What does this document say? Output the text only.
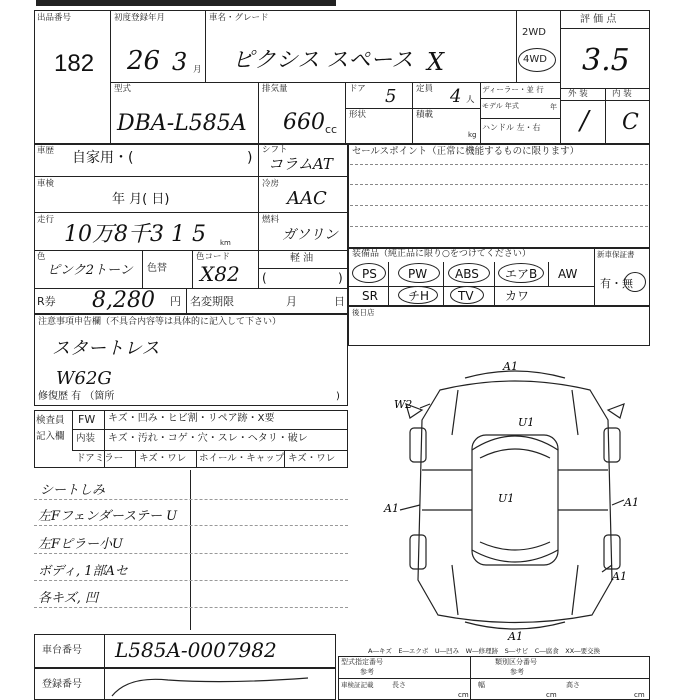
出品番号
182
初度登録年月
26 3 月
車名・グレード
ピクシス スペース X
2WD
4WD
評 価 点
3.5
外 装	内 装
/ C
型式
DBA-L585A
排気量
660 cc
ドア 5 定員 4 人
ディーラー・並 行
モデル 年式	年
形状	積載
kg
ハンドル 左・右
車歴 自家用・(	) シフト
コラムAT
車検
年 月( 日)
冷房
AAC
走行
10万8千3 1 5 km
燃料
ガソリン
軽 油
色
ピンク2トーン 色替
色コード
X82 (	)
R券 8,280 円 名変期限	月	日
セールスポイント（正常に機能するものに限ります）
装備品（純正品に限り○をつけてください）	新車保証書
有・無
PS	PW ABS エアB AW
SR	チH TV	カワ
後日店
注意事項申告欄（不具合内容等は具体的に記入して下さい）
スタートレス
W62G
修復歴 有 （箇所	)
検査員
記入欄
FW キズ・凹み・ヒビ割・リペア跡・X要
内装 キズ・汚れ・コゲ・穴・スレ・ヘタリ・破レ
ドアミラー キズ・ワレ ホイール・キャップ キズ・ワレ
シートしみ
左Fフェンダーステー U
左Fピラー小U
ボディ, 1部Aセ
各キズ, 凹
A1
W2
U1
U1
A1	A1
A1
A1
A―キズ　E―エクボ　U―凹み　W―修理跡　S―サビ　C―腐食　XX―要交換
車台番号 L585A-0007982
登録番号
型式指定番号	類別区分番号
参考	参考
車検証記載	長さ	幅	高さ
cm	cm	cm
